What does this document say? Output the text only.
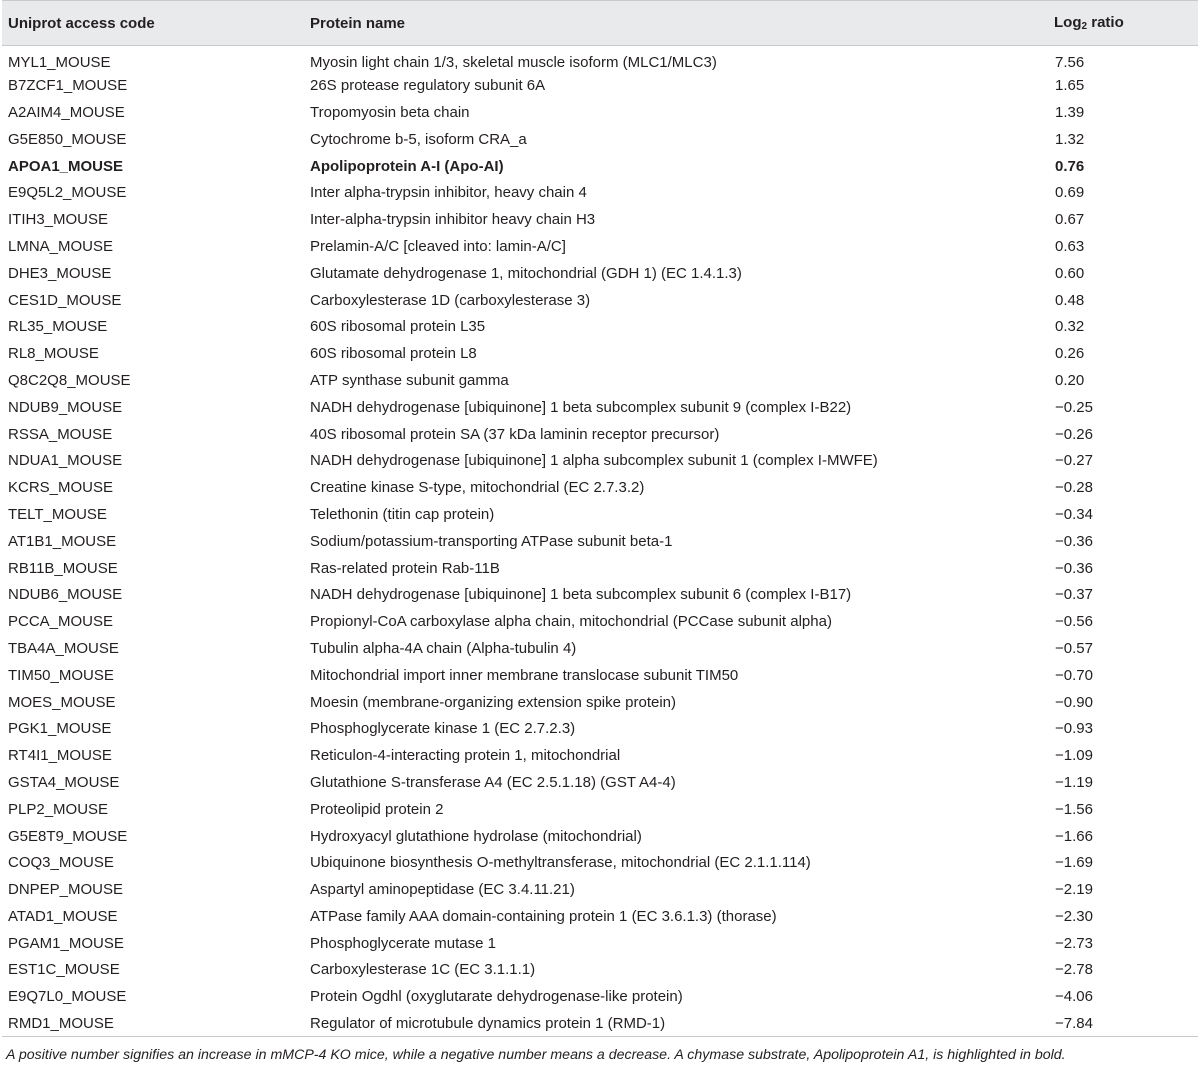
Uniprot access code	Protein name	Log$_2$ ratio
MYL1_MOUSE	Myosin light chain 1/3, skeletal muscle isoform (MLC1/MLC3)	7.56
B7ZCF1_MOUSE	26S protease regulatory subunit 6A	1.65
A2AIM4_MOUSE	Tropomyosin beta chain	1.39
G5E850_MOUSE	Cytochrome b-5, isoform CRA_a	1.32
APOA1_MOUSE	Apolipoprotein A-I (Apo-AI)	0.76
E9Q5L2_MOUSE	Inter alpha-trypsin inhibitor, heavy chain 4	0.69
ITIH3_MOUSE	Inter-alpha-trypsin inhibitor heavy chain H3	0.67
LMNA_MOUSE	Prelamin-A/C [cleaved into: lamin-A/C]	0.63
DHE3_MOUSE	Glutamate dehydrogenase 1, mitochondrial (GDH 1) (EC 1.4.1.3)	0.60
CES1D_MOUSE	Carboxylesterase 1D (carboxylesterase 3)	0.48
RL35_MOUSE	60S ribosomal protein L35	0.32
RL8_MOUSE	60S ribosomal protein L8	0.26
Q8C2Q8_MOUSE	ATP synthase subunit gamma	0.20
NDUB9_MOUSE	NADH dehydrogenase [ubiquinone] 1 beta subcomplex subunit 9 (complex I-B22)	−0.25
RSSA_MOUSE	40S ribosomal protein SA (37 kDa laminin receptor precursor)	−0.26
NDUA1_MOUSE	NADH dehydrogenase [ubiquinone] 1 alpha subcomplex subunit 1 (complex I-MWFE)	−0.27
KCRS_MOUSE	Creatine kinase S-type, mitochondrial (EC 2.7.3.2)	−0.28
TELT_MOUSE	Telethonin (titin cap protein)	−0.34
AT1B1_MOUSE	Sodium/potassium-transporting ATPase subunit beta-1	−0.36
RB11B_MOUSE	Ras-related protein Rab-11B	−0.36
NDUB6_MOUSE	NADH dehydrogenase [ubiquinone] 1 beta subcomplex subunit 6 (complex I-B17)	−0.37
PCCA_MOUSE	Propionyl-CoA carboxylase alpha chain, mitochondrial (PCCase subunit alpha)	−0.56
TBA4A_MOUSE	Tubulin alpha-4A chain (Alpha-tubulin 4)	−0.57
TIM50_MOUSE	Mitochondrial import inner membrane translocase subunit TIM50	−0.70
MOES_MOUSE	Moesin (membrane-organizing extension spike protein)	−0.90
PGK1_MOUSE	Phosphoglycerate kinase 1 (EC 2.7.2.3)	−0.93
RT4I1_MOUSE	Reticulon-4-interacting protein 1, mitochondrial	−1.09
GSTA4_MOUSE	Glutathione S-transferase A4 (EC 2.5.1.18) (GST A4-4)	−1.19
PLP2_MOUSE	Proteolipid protein 2	−1.56
G5E8T9_MOUSE	Hydroxyacyl glutathione hydrolase (mitochondrial)	−1.66
COQ3_MOUSE	Ubiquinone biosynthesis O-methyltransferase, mitochondrial (EC 2.1.1.114)	−1.69
DNPEP_MOUSE	Aspartyl aminopeptidase (EC 3.4.11.21)	−2.19
ATAD1_MOUSE	ATPase family AAA domain-containing protein 1 (EC 3.6.1.3) (thorase)	−2.30
PGAM1_MOUSE	Phosphoglycerate mutase 1	−2.73
EST1C_MOUSE	Carboxylesterase 1C (EC 3.1.1.1)	−2.78
E9Q7L0_MOUSE	Protein Ogdhl (oxyglutarate dehydrogenase-like protein)	−4.06
RMD1_MOUSE	Regulator of microtubule dynamics protein 1 (RMD-1)	−7.84
A positive number signifies an increase in mMCP-4 KO mice, while a negative number means a decrease. A chymase substrate, Apolipoprotein A1, is highlighted in bold.
